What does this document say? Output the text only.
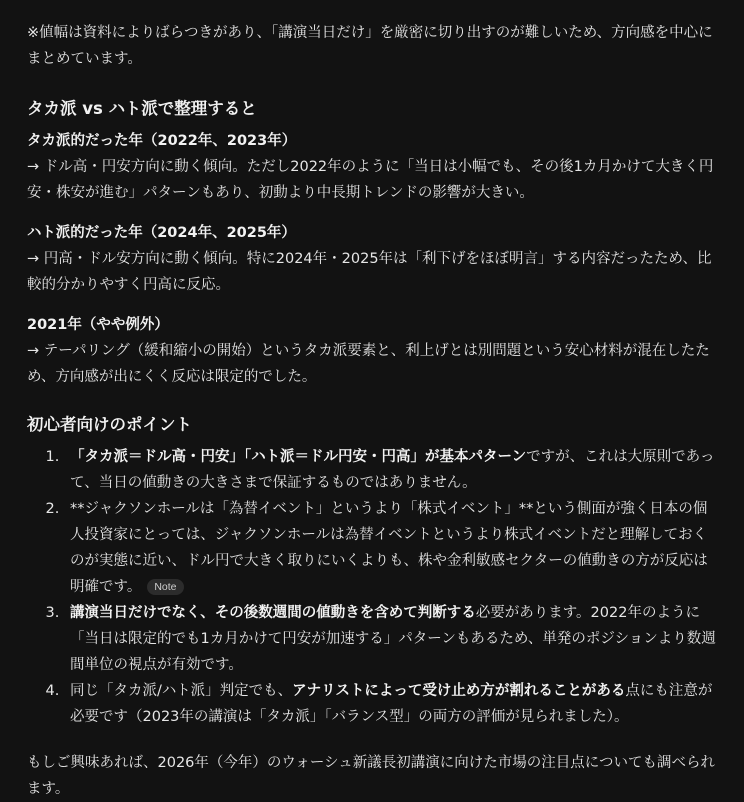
※値幅は資料によりばらつきがあり、「講演当日だけ」を厳密に切り出すのが難しいため、方向感を中心にまとめています。

タカ派 vs ハト派で整理すると

タカ派的だった年（2022年、2023年）

→ ドル高・円安方向に動く傾向。ただし2022年のように「当日は小幅でも、その後1カ月かけて大きく円安・株安が進む」パターンもあり、初動より中長期トレンドの影響が大きい。

ハト派的だった年（2024年、2025年）

→ 円高・ドル安方向に動く傾向。特に2024年・2025年は「利下げをほぼ明言」する内容だったため、比較的分かりやすく円高に反応。

2021年（やや例外）

→ テーパリング（緩和縮小の開始）というタカ派要素と、利上げとは別問題という安心材料が混在したため、方向感が出にくく反応は限定的でした。

初心者向けのポイント
1. 「タカ派＝ドル高・円安」「ハト派＝ドル円安・円高」が基本パターンですが、これは大原則であって、当日の値動きの大きさまで保証するものではありません。
2. **ジャクソンホールは「為替イベント」というより「株式イベント」**という側面が強く日本の個人投資家にとっては、ジャクソンホールは為替イベントというより株式イベントだと理解しておくのが実態に近い、ドル円で大きく取りにいくよりも、株や金利敏感セクターの値動きの方が反応は明確です。 Note
3. 講演当日だけでなく、その後数週間の値動きを含めて判断する必要があります。2022年のように「当日は限定的でも1カ月かけて円安が加速する」パターンもあるため、単発のポジションより数週間単位の視点が有効です。
4. 同じ「タカ派/ハト派」判定でも、アナリストによって受け止め方が割れることがある点にも注意が必要です（2023年の講演は「タカ派」「バランス型」の両方の評価が見られました）。

もしご興味あれば、2026年（今年）のウォーシュ新議長初講演に向けた市場の注目点についても調べられます。
